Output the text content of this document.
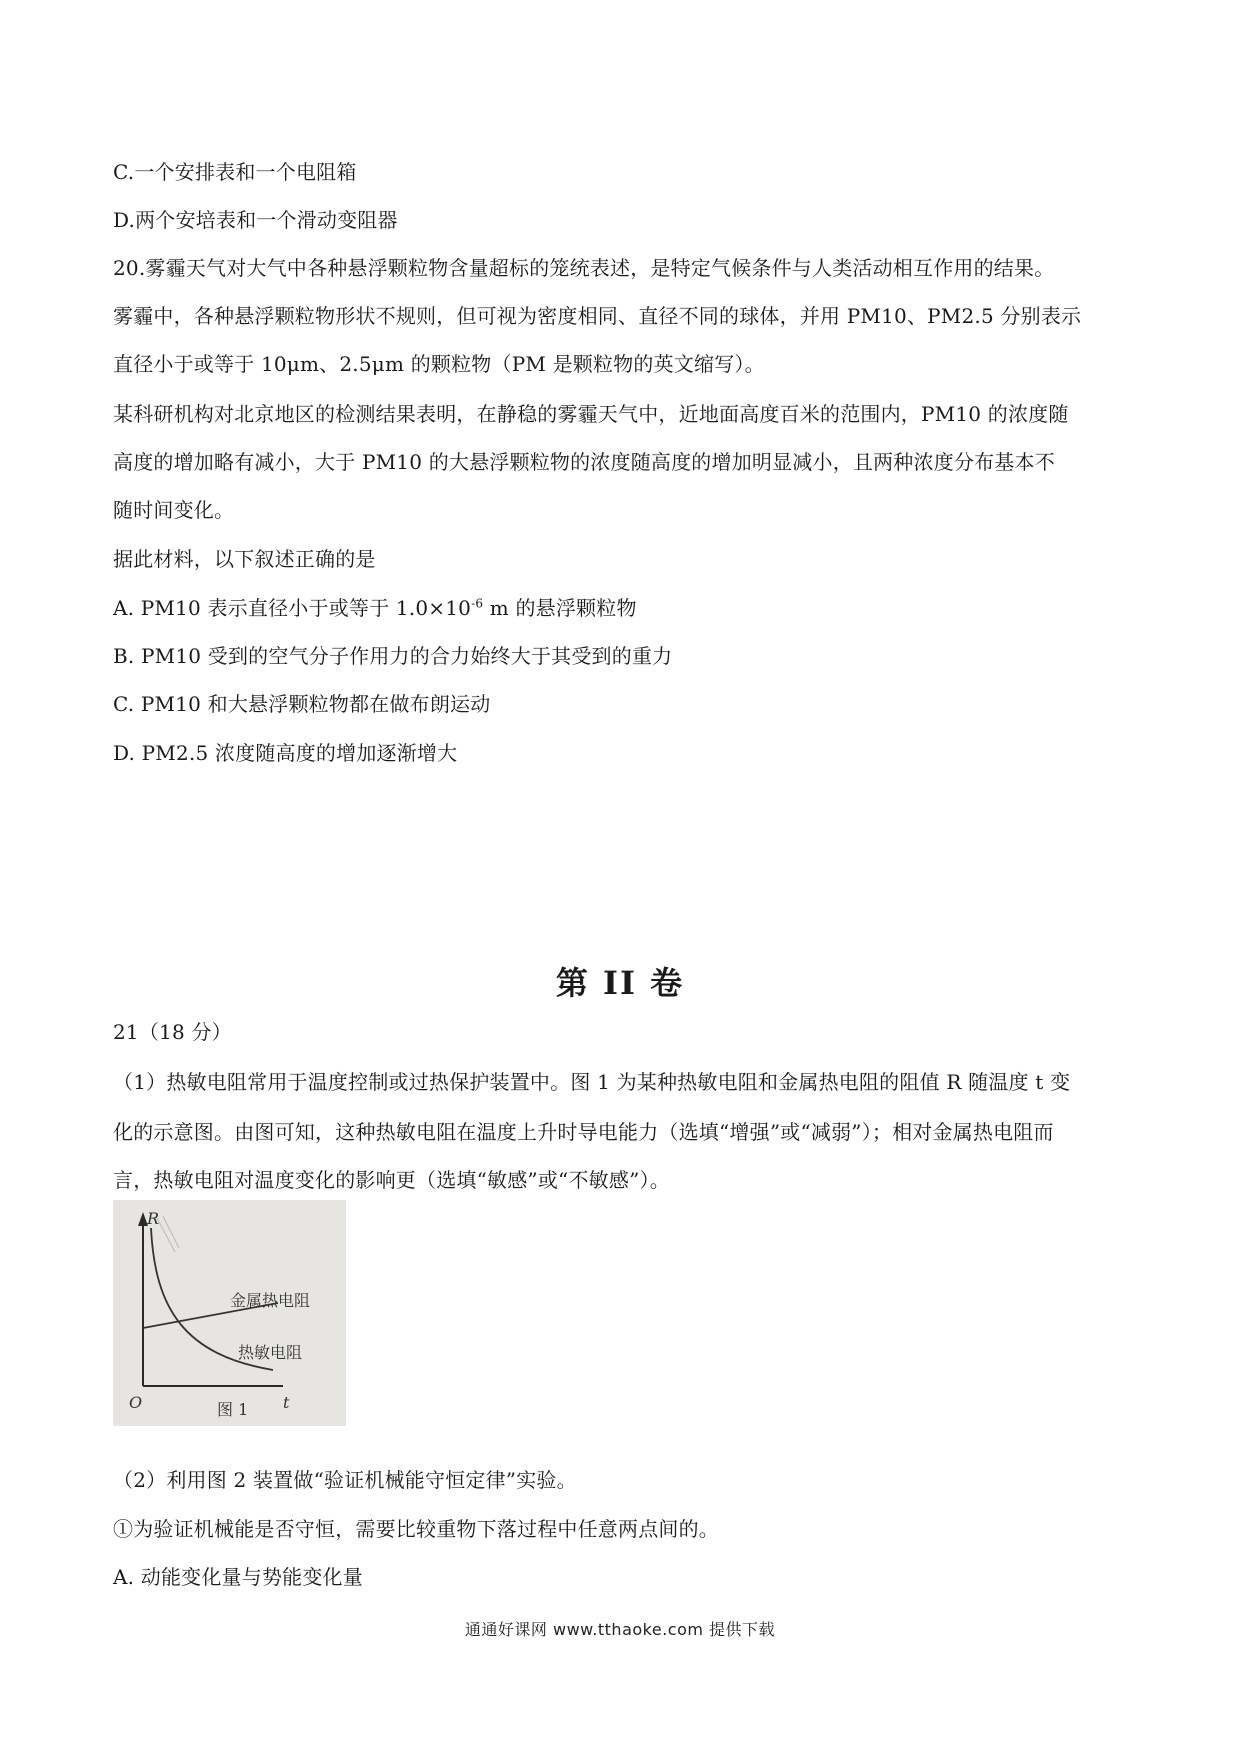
C.一个安排表和一个电阻箱
D.两个安培表和一个滑动变阻器
20.雾霾天气对大气中各种悬浮颗粒物含量超标的笼统表述，是特定气候条件与人类活动相互作用的结果。
雾霾中，各种悬浮颗粒物形状不规则，但可视为密度相同、直径不同的球体，并用 PM10、PM2.5 分别表示
直径小于或等于 10μm、2.5μm 的颗粒物（PM 是颗粒物的英文缩写）。
某科研机构对北京地区的检测结果表明，在静稳的雾霾天气中，近地面高度百米的范围内，PM10 的浓度随
高度的增加略有减小，大于 PM10 的大悬浮颗粒物的浓度随高度的增加明显减小，且两种浓度分布基本不
随时间变化。
据此材料，以下叙述正确的是
A. PM10 表示直径小于或等于 $1.0\times 10^{-6}$ m 的悬浮颗粒物
B. PM10 受到的空气分子作用力的合力始终大于其受到的重力
C. PM10 和大悬浮颗粒物都在做布朗运动
D. PM2.5 浓度随高度的增加逐渐增大
第 II 卷
21（18 分）
（1）热敏电阻常用于温度控制或过热保护装置中。图 1 为某种热敏电阻和金属热电阻的阻值 R 随温度 t 变
化的示意图。由图可知，这种热敏电阻在温度上升时导电能力（选填“增强”或“减弱”）；相对金属热电阻而
言，热敏电阻对温度变化的影响更（选填“敏感”或“不敏感”）。
R
t
O
金属热电阻
热敏电阻
图 1
（2）利用图 2 装置做“验证机械能守恒定律”实验。
①为验证机械能是否守恒，需要比较重物下落过程中任意两点间的。
A. 动能变化量与势能变化量
通通好课网 www.tthaoke.com 提供下载
